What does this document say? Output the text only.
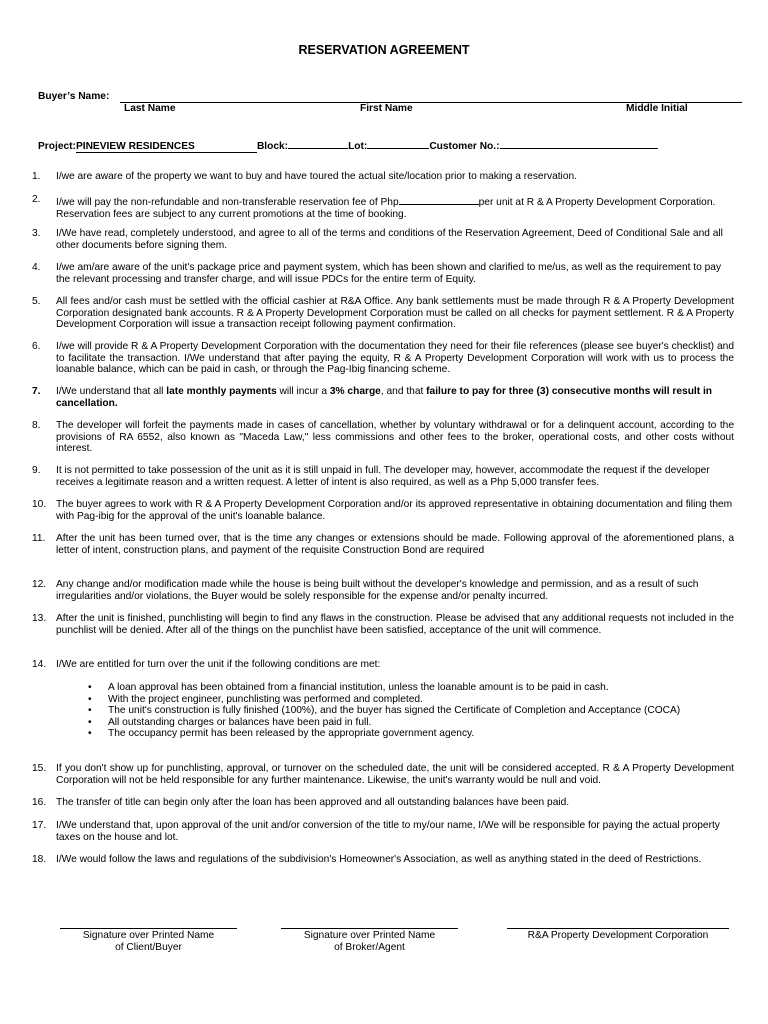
RESERVATION AGREEMENT
Buyer’s Name:
Last Name	First Name	Middle Initial
Project:PINEVIEW RESIDENCES	Block:	Lot:	Customer No.:
1.	I/we are aware of the property we want to buy and have toured the actual site/location prior to making a reservation.
2.	I/we will pay the non-refundable and non-transferable reservation fee of Php	per unit at R & A Property Development Corporation. Reservation fees are subject to any current promotions at the time of booking.
3.	I/We have read, completely understood, and agree to all of the terms and conditions of the Reservation Agreement, Deed of Conditional Sale and all other documents before signing them.
4.	I/we am/are aware of the unit's package price and payment system, which has been shown and clarified to me/us, as well as the requirement to pay the relevant processing and transfer charge, and will issue PDCs for the entire term of Equity.
5.	All fees and/or cash must be settled with the official cashier at R&A Office. Any bank settlements must be made through R & A Property Development Corporation designated bank accounts. R & A Property Development Corporation must be called on all checks for payment settlement. R & A Property Development Corporation will issue a transaction receipt following payment confirmation.
6.	I/we will provide R & A Property Development Corporation with the documentation they need for their file references (please see buyer's checklist) and to facilitate the transaction. I/We understand that after paying the equity, R & A Property Development Corporation will work with us to process the loanable balance, which can be paid in cash, or through the Pag-Ibig financing scheme.
7.	I/We understand that all late monthly payments will incur a 3% charge, and that failure to pay for three (3) consecutive months will result in cancellation.
8.	The developer will forfeit the payments made in cases of cancellation, whether by voluntary withdrawal or for a delinquent account, according to the provisions of RA 6552, also known as "Maceda Law," less commissions and other fees to the broker, operational costs, and other costs without interest.
9.	It is not permitted to take possession of the unit as it is still unpaid in full. The developer may, however, accommodate the request if the developer receives a legitimate reason and a written request. A letter of intent is also required, as well as a Php 5,000 transfer fees.
10. The buyer agrees to work with R & A Property Development Corporation and/or its approved representative in obtaining documentation and filing them with Pag-ibig for the approval of the unit's loanable balance.
11.	After the unit has been turned over, that is the time any changes or extensions should be made. Following approval of the aforementioned plans, a letter of intent, construction plans, and payment of the requisite Construction Bond are required
12. Any change and/or modification made while the house is being built without the developer's knowledge and permission, and as a result of such irregularities and/or violations, the Buyer would be solely responsible for the expense and/or penalty incurred.
13. After the unit is finished, punchlisting will begin to find any flaws in the construction. Please be advised that any additional requests not included in the punchlist will be denied. After all of the things on the punchlist have been satisfied, acceptance of the unit will commence.
14. I/We are entitled for turn over the unit if the following conditions are met:
• A loan approval has been obtained from a financial institution, unless the loanable amount is to be paid in cash.
• With the project engineer, punchlisting was performed and completed.
• The unit's construction is fully finished (100%), and the buyer has signed the Certificate of Completion and Acceptance (COCA)
• All outstanding charges or balances have been paid in full.
• The occupancy permit has been released by the appropriate government agency.
15. If you don't show up for punchlisting, approval, or turnover on the scheduled date, the unit will be considered accepted. R & A Property Development Corporation will not be held responsible for any further maintenance. Likewise, the unit's warranty would be null and void.
16. The transfer of title can begin only after the loan has been approved and all outstanding balances have been paid.
17. I/We understand that, upon approval of the unit and/or conversion of the title to my/our name, I/We will be responsible for paying the actual property taxes on the house and lot.
18. I/We would follow the laws and regulations of the subdivision's Homeowner's Association, as well as anything stated in the deed of Restrictions.
Signature over Printed Name
of Client/Buyer
Signature over Printed Name
of Broker/Agent
R&A Property Development Corporation
